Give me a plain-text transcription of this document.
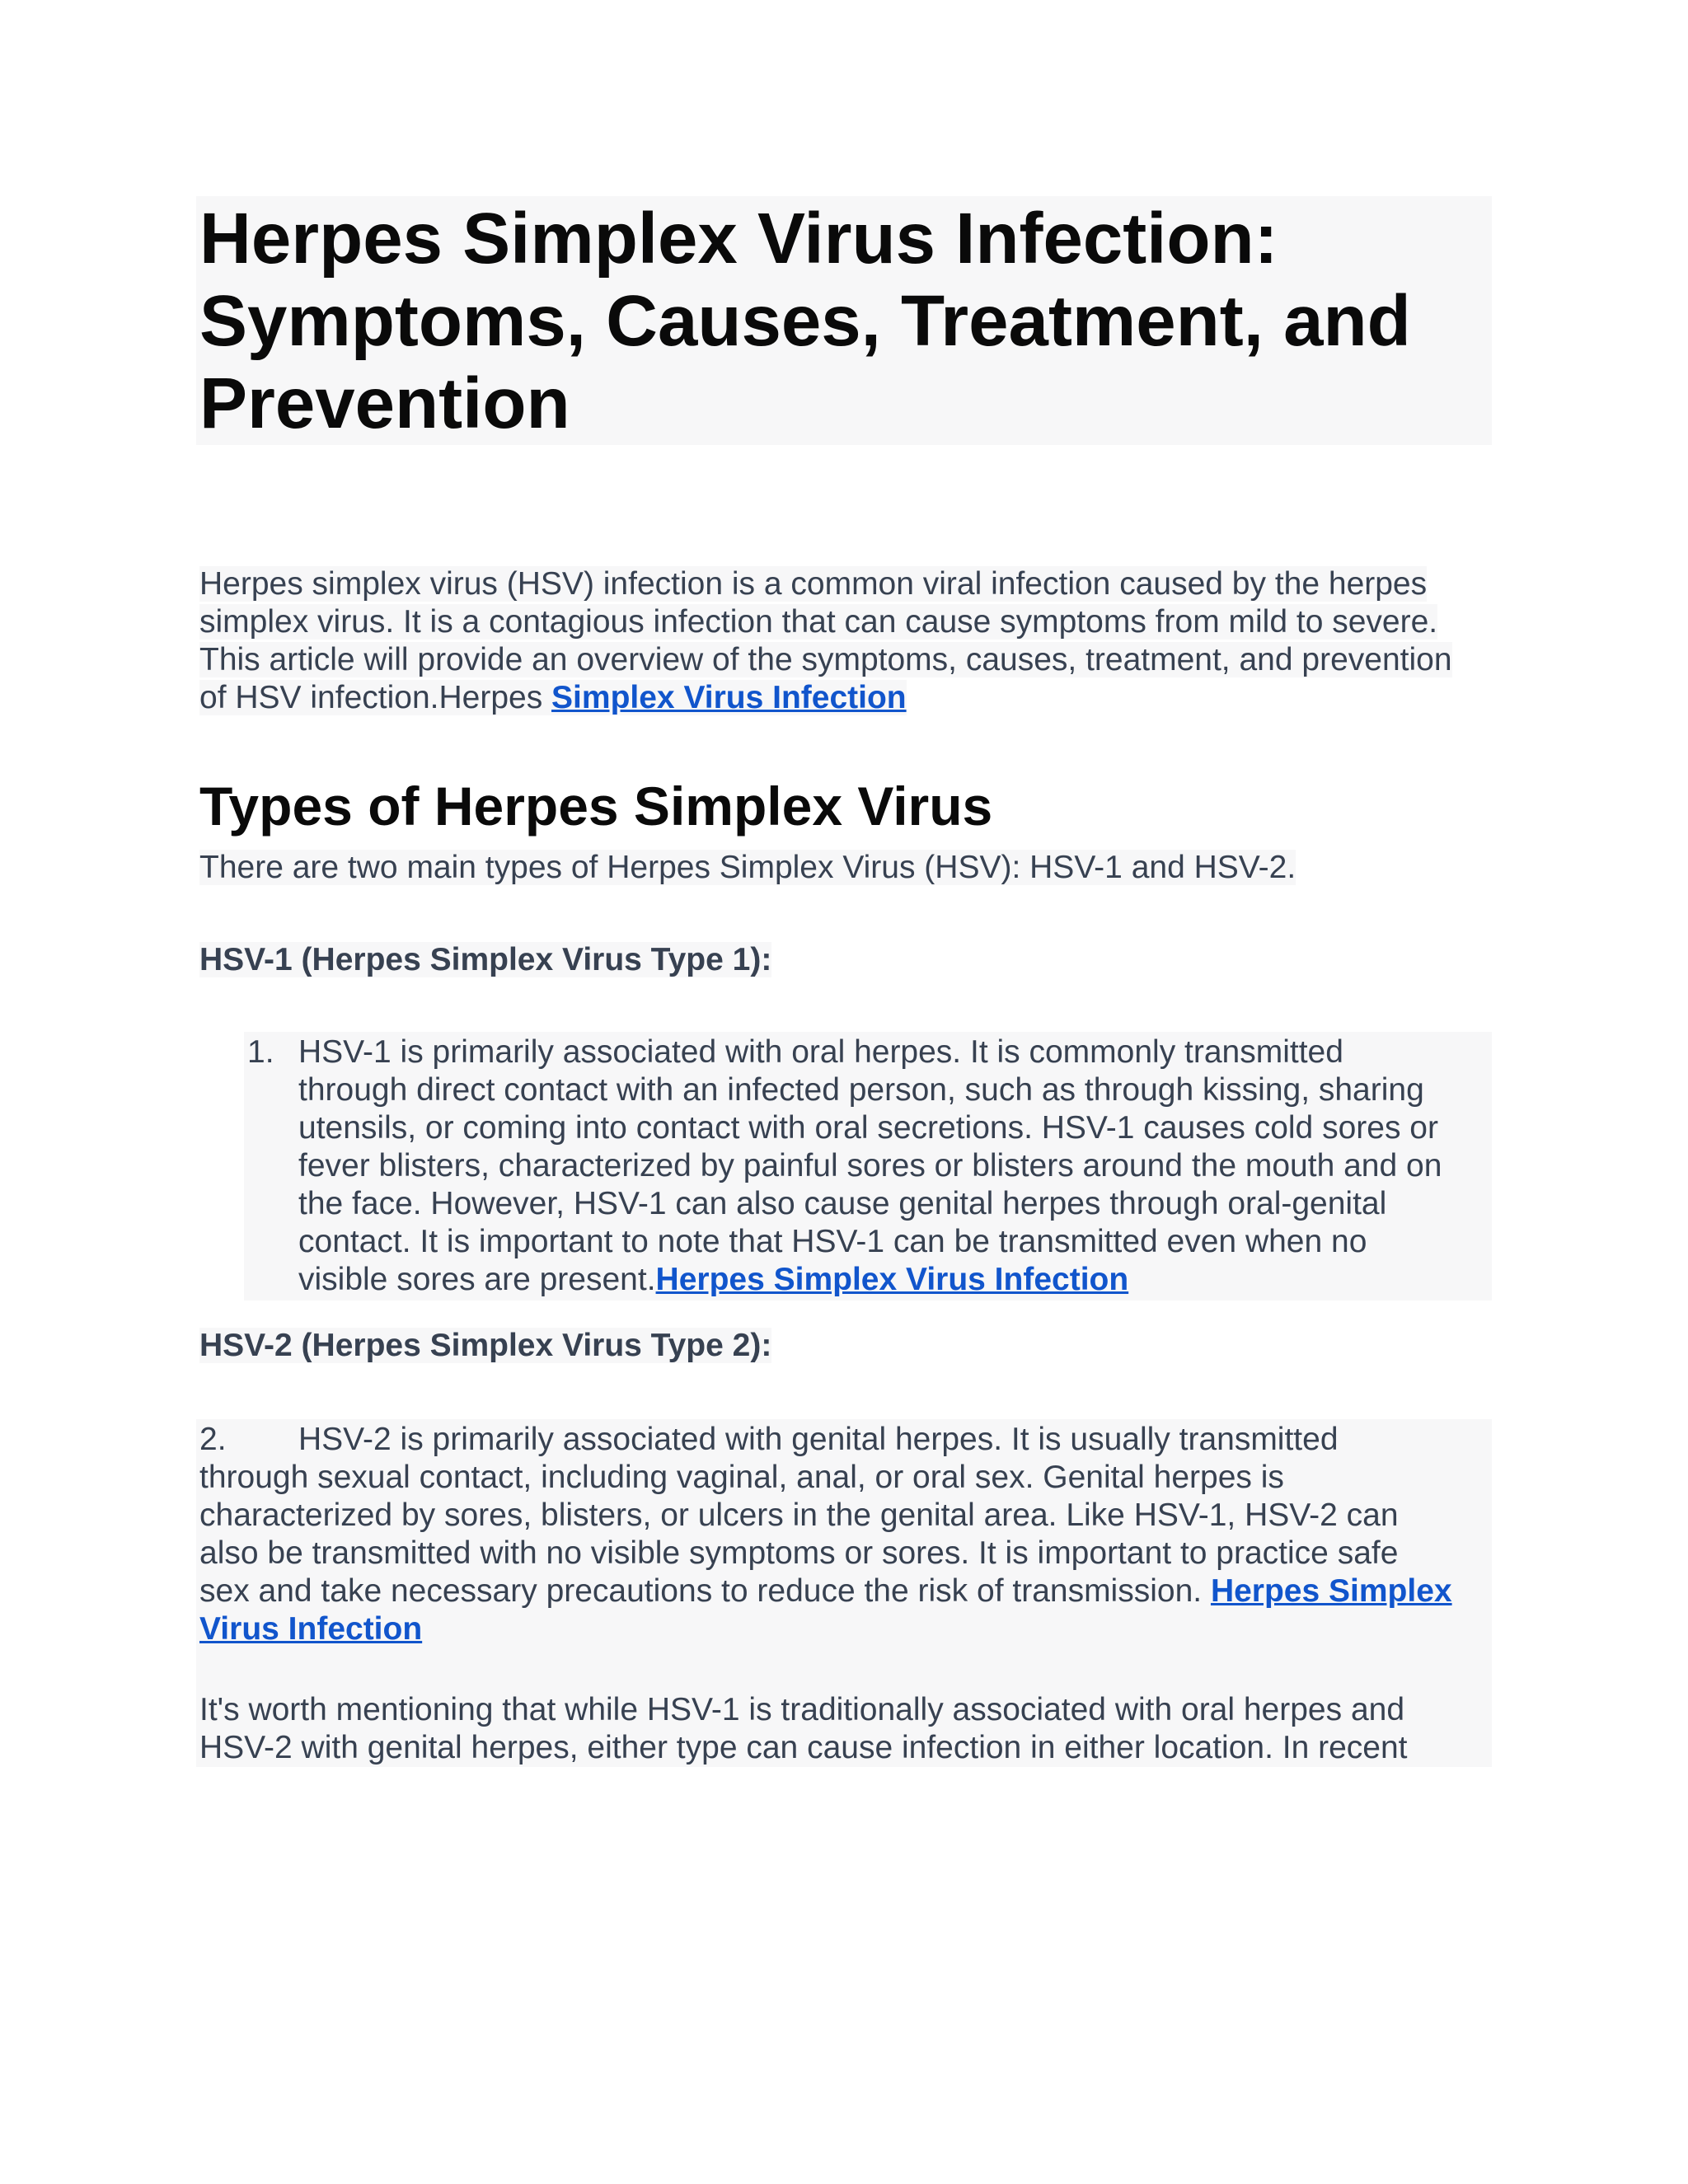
Herpes Simplex Virus Infection:
Symptoms, Causes, Treatment, and
Prevention

Herpes simplex virus (HSV) infection is a common viral infection caused by the herpes
simplex virus. It is a contagious infection that can cause symptoms from mild to severe.
This article will provide an overview of the symptoms, causes, treatment, and prevention
of HSV infection.Herpes Simplex Virus Infection

Types of Herpes Simplex Virus

There are two main types of Herpes Simplex Virus (HSV): HSV-1 and HSV-2.

HSV-1 (Herpes Simplex Virus Type 1):
1. HSV-1 is primarily associated with oral herpes. It is commonly transmitted
through direct contact with an infected person, such as through kissing, sharing
utensils, or coming into contact with oral secretions. HSV-1 causes cold sores or
fever blisters, characterized by painful sores or blisters around the mouth and on
the face. However, HSV-1 can also cause genital herpes through oral-genital
contact. It is important to note that HSV-1 can be transmitted even when no
visible sores are present.Herpes Simplex Virus Infection
HSV-2 (Herpes Simplex Virus Type 2):

2. HSV-2 is primarily associated with genital herpes. It is usually transmitted
through sexual contact, including vaginal, anal, or oral sex. Genital herpes is
characterized by sores, blisters, or ulcers in the genital area. Like HSV-1, HSV-2 can
also be transmitted with no visible symptoms or sores. It is important to practice safe
sex and take necessary precautions to reduce the risk of transmission. Herpes Simplex
Virus Infection

It's worth mentioning that while HSV-1 is traditionally associated with oral herpes and
HSV-2 with genital herpes, either type can cause infection in either location. In recent
